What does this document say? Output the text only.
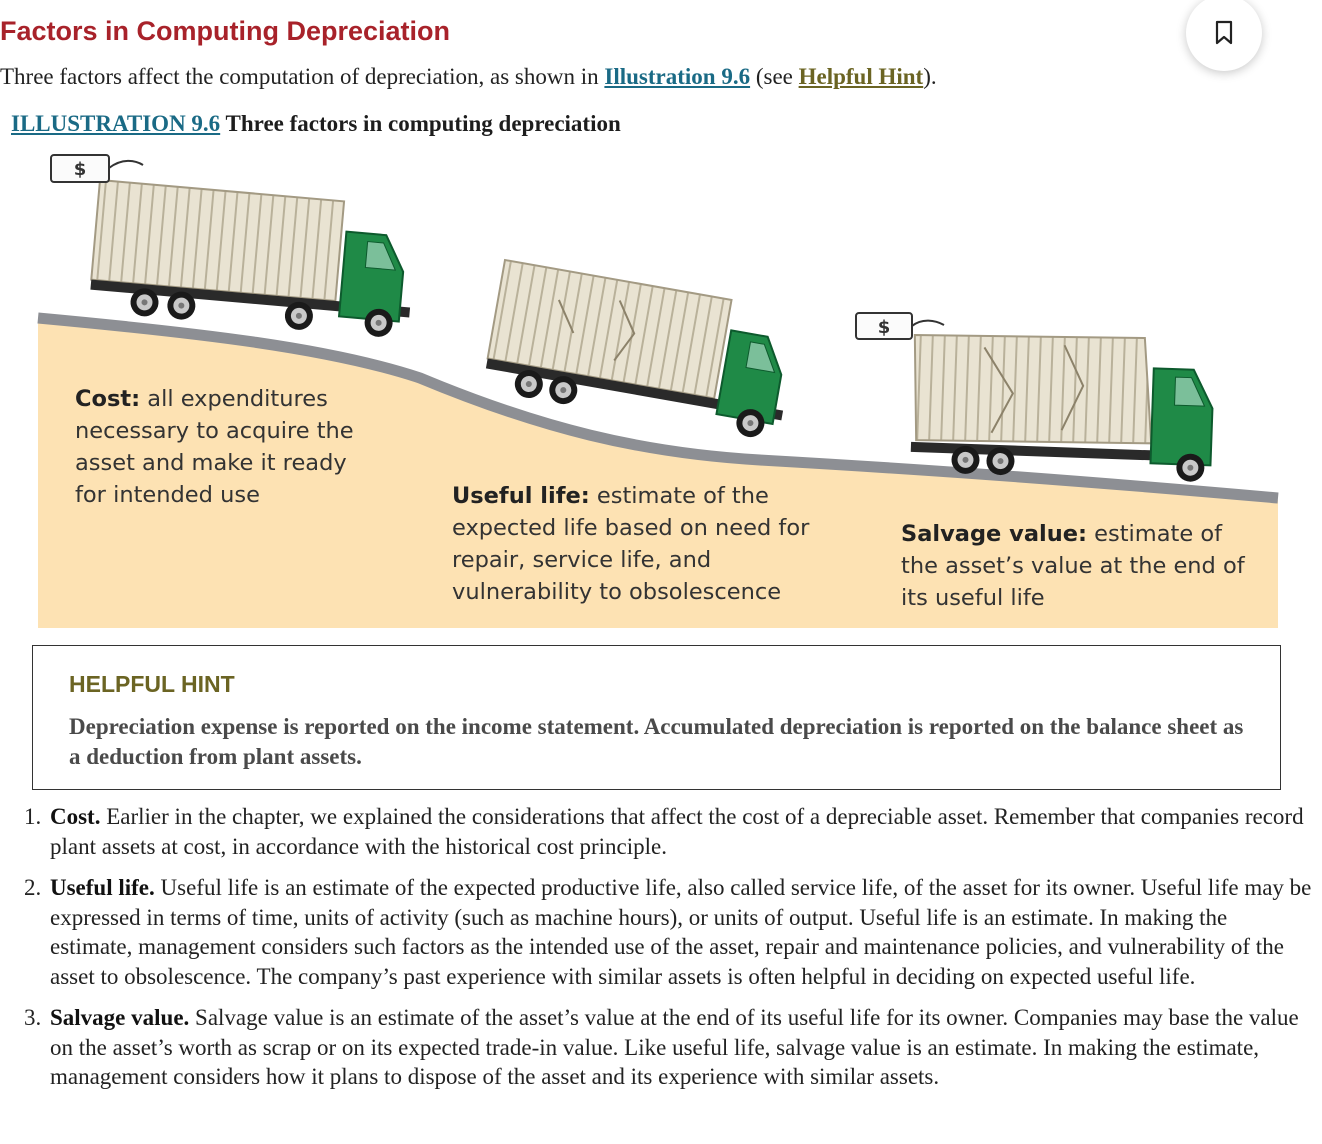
Factors in Computing Depreciation

Three factors affect the computation of depreciation, as shown in Illustration 9.6 (see Helpful Hint).

ILLUSTRATION 9.6 Three factors in computing depreciation
$
$
Cost: all expenditures
necessary to acquire the
asset and make it ready
for intended use	Useful life: estimate of the
expected life based on need for
repair, service life, and
vulnerability to obsolescence
Salvage value: estimate of
the asset’s value at the end of
its useful life
HELPFUL HINT

Depreciation expense is reported on the income statement. Accumulated depreciation is reported on the balance sheet as a deduction from plant assets.

1. Cost. Earlier in the chapter, we explained the considerations that affect the cost of a depreciable asset. Remember that companies record plant assets at cost, in accordance with the historical cost principle.
2. Useful life. Useful life is an estimate of the expected productive life, also called service life, of the asset for its owner. Useful life may be expressed in terms of time, units of activity (such as machine hours), or units of output. Useful life is an estimate. In making the estimate, management considers such factors as the intended use of the asset, repair and maintenance policies, and vulnerability of the asset to obsolescence. The company’s past experience with similar assets is often helpful in deciding on expected useful life.
3. Salvage value. Salvage value is an estimate of the asset’s value at the end of its useful life for its owner. Companies may base the value on the asset’s worth as scrap or on its expected trade-in value. Like useful life, salvage value is an estimate. In making the estimate, management considers how it plans to dispose of the asset and its experience with similar assets.
